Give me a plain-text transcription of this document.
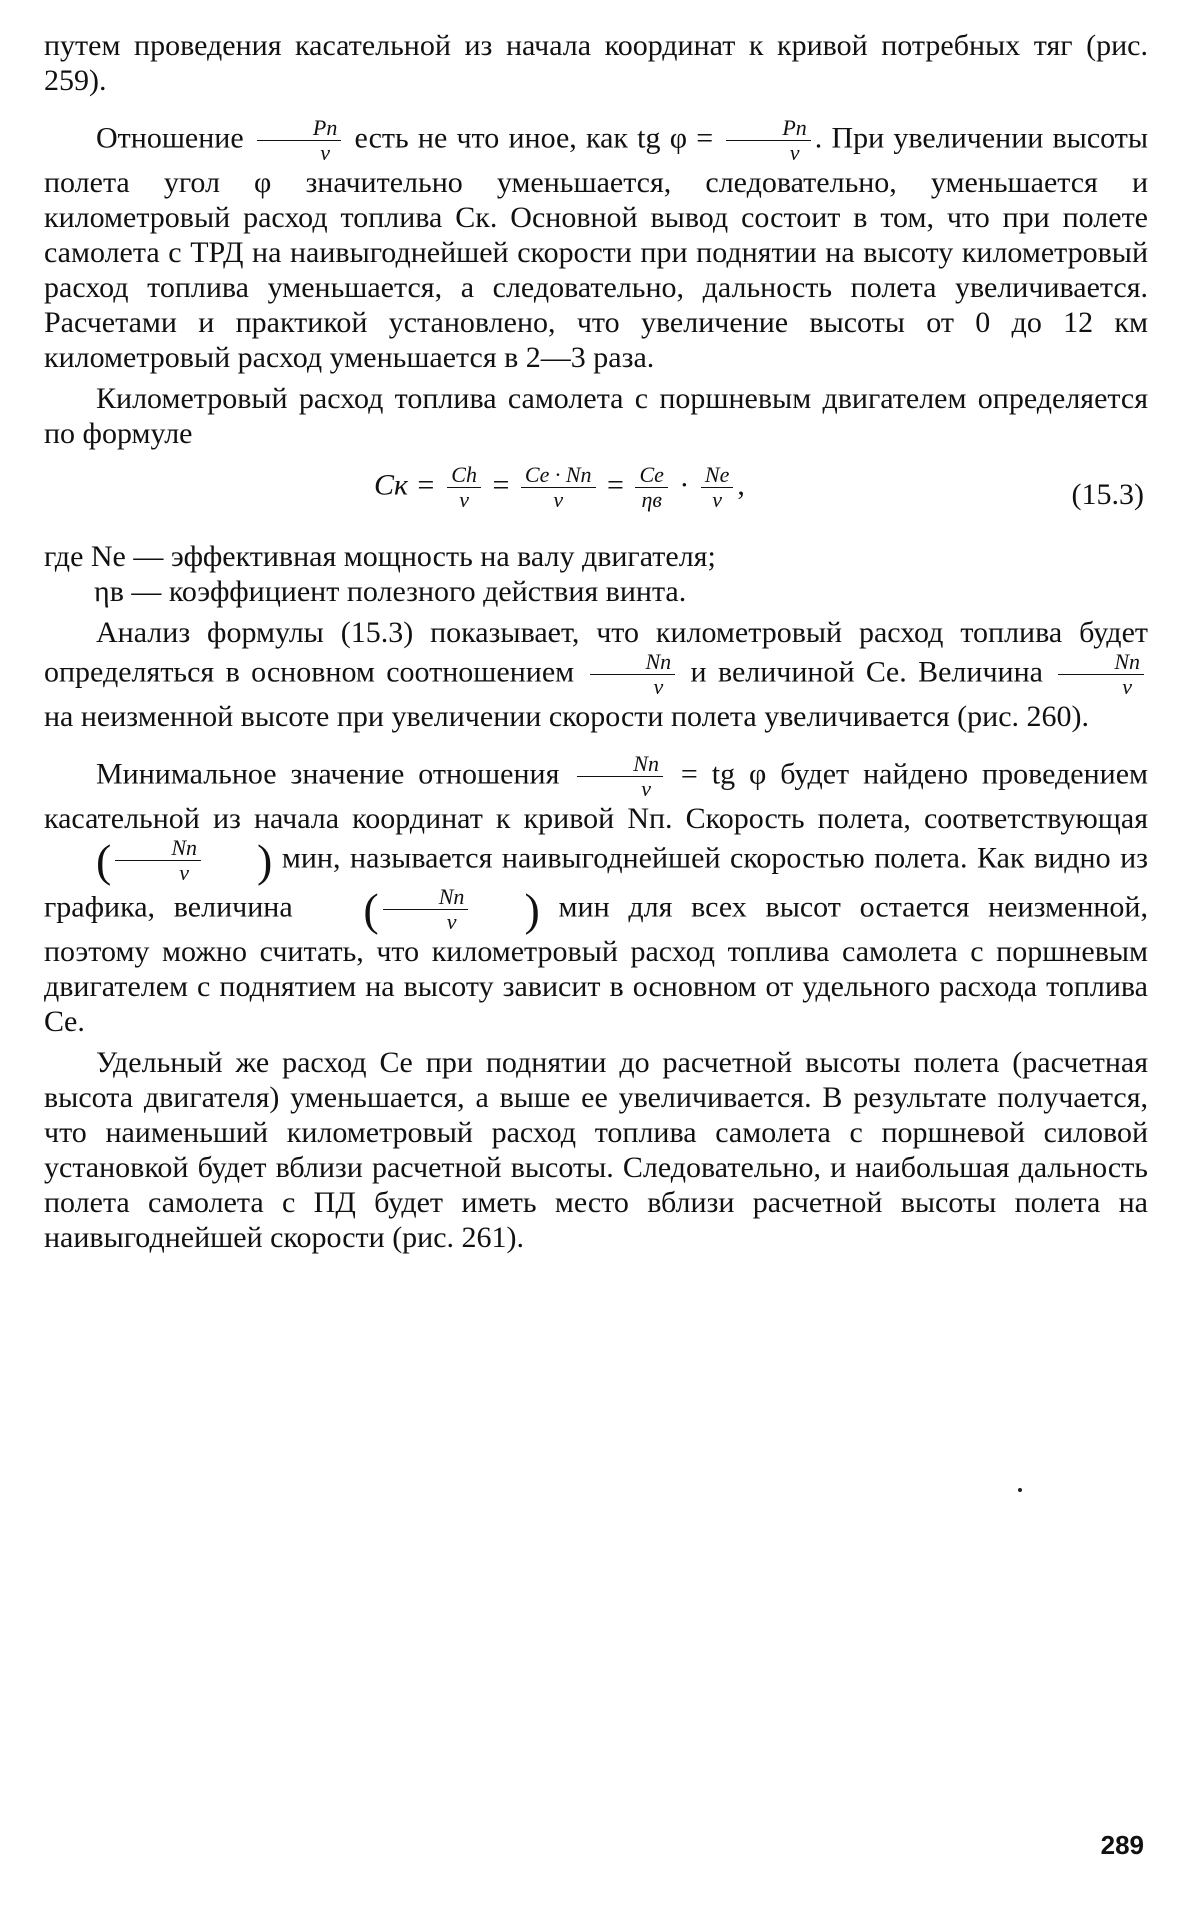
путем проведения касательной из начала координат к кривой потребных тяг (рис. 259).

Отношение $\frac{Pп}{v}$ есть не что иное, как tg $\varphi = \frac{Pп}{v}$ . При увеличении высоты полета угол φ значительно уменьшается, следовательно, уменьшается и километровый расход топлива Cк. Основной вывод состоит в том, что при полете самолета с ТРД на наивыгоднейшей скорости при поднятии на высоту километровый расход топлива уменьшается, а следовательно, дальность полета увеличивается. Расчетами и практикой установлено, что увеличение высоты от 0 до 12 км километровый расход уменьшается в 2—3 раза.

Километровый расход топлива самолета с поршневым двигателем определяется по формуле

Cк = $\frac{Ch}{v} = \frac{Ce \cdot Nп}{v} = \frac{Ce}{\eta в} \cdot \frac{Ne}{v}$ ,	(15.3)

где Ne — эффективная мощность на валу двигателя;

ηв — коэффициент полезного действия винта.

Анализ формулы (15.3) показывает, что километровый расход топлива будет определяться в основном соотношением $\frac{Nп}{v}$ и величиной Ce. Величина $\frac{Nп}{v}$
на неизменной высоте при увеличении скорости полета увеличивается (рис. 260).

Минимальное значение отношения $\frac{Nп}{v}$ = tg φ будет найдено проведением касательной из начала координат к кривой Nп. Скорость полета, соответствующая ( $\frac{Nп}{v}$ ) мин, называется наивыгоднейшей скоростью полета. Как видно из графика, величина ( $\frac{Nп}{v}$ ) мин для всех высот остается неизменной, поэтому можно считать, что километровый расход топлива самолета с поршневым двигателем с поднятием на высоту зависит в основном от удельного расхода топлива Ce.

Удельный же расход Ce при поднятии до расчетной высоты полета (расчетная высота двигателя) уменьшается, а выше ее увеличивается. В результате получается, что наименьший километровый расход топлива самолета с поршневой силовой установкой будет вблизи расчетной высоты. Следовательно, и наибольшая дальность полета самолета с ПД будет иметь место вблизи расчетной высоты полета на наивыгоднейшей скорости (рис. 261).

289
